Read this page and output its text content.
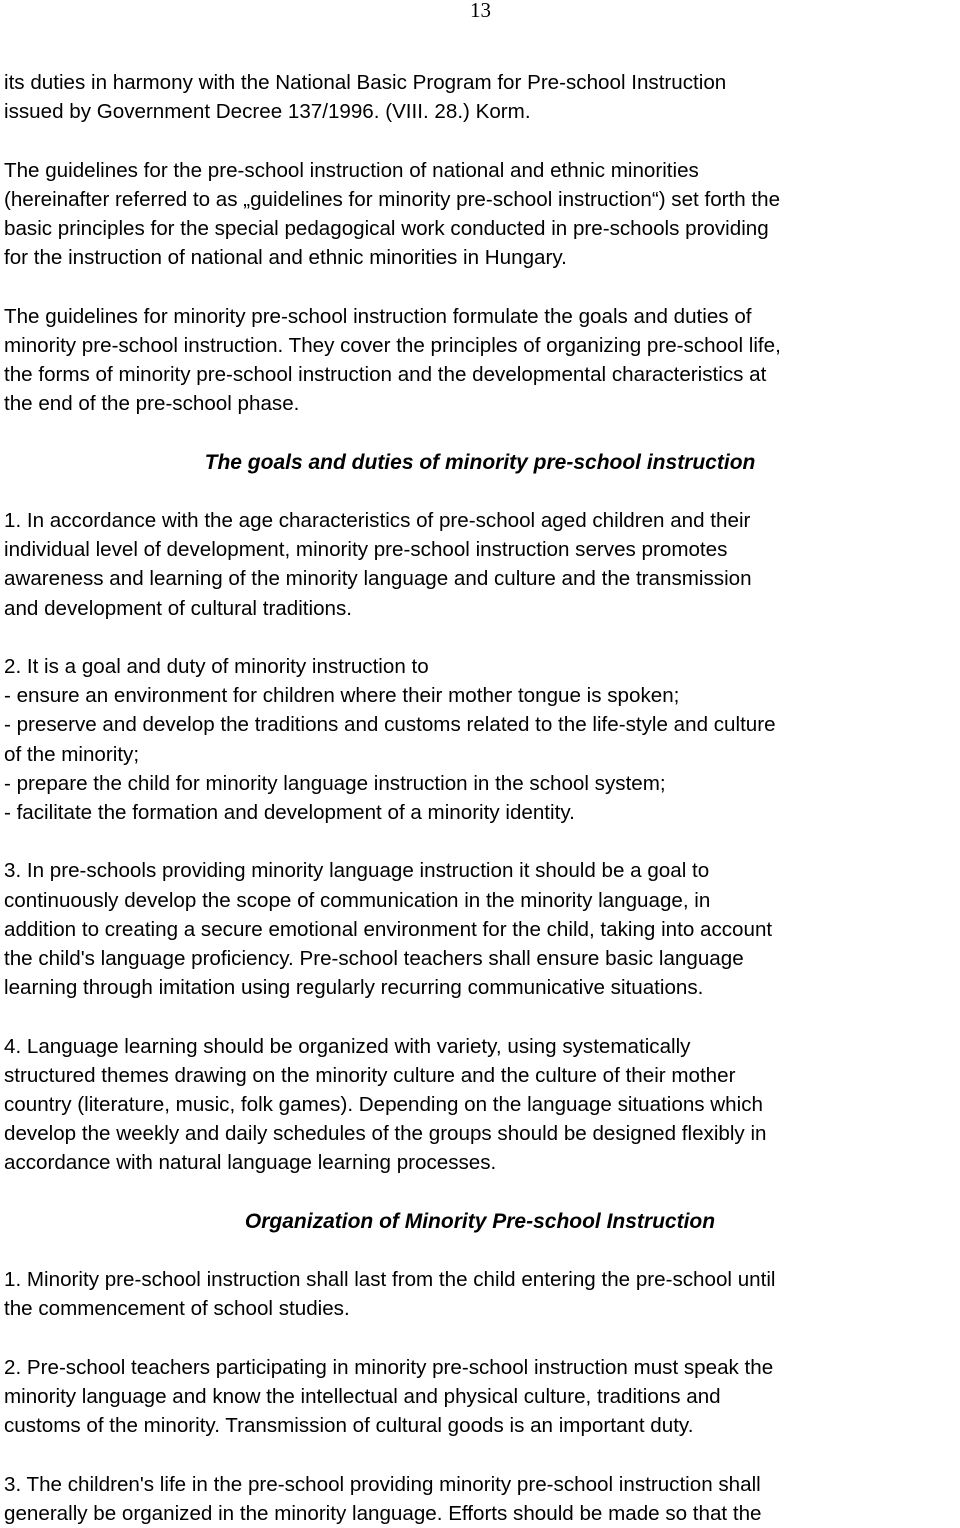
13

its duties in harmony with the National Basic Program for Pre-school Instruction
issued by Government Decree 137/1996. (VIII. 28.) Korm.

The guidelines for the pre-school instruction of national and ethnic minorities
(hereinafter referred to as „guidelines for minority pre-school instruction“) set forth the
basic principles for the special pedagogical work conducted in pre-schools providing
for the instruction of national and ethnic minorities in Hungary.

The guidelines for minority pre-school instruction formulate the goals and duties of
minority pre-school instruction. They cover the principles of organizing pre-school life,
the forms of minority pre-school instruction and the developmental characteristics at
the end of the pre-school phase.

The goals and duties of minority pre-school instruction

1. In accordance with the age characteristics of pre-school aged children and their
individual level of development, minority pre-school instruction serves promotes
awareness and learning of the minority language and culture and the transmission
and development of cultural traditions.

2. It is a goal and duty of minority instruction to
- ensure an environment for children where their mother tongue is spoken;
- preserve and develop the traditions and customs related to the life-style and culture
of the minority;
- prepare the child for minority language instruction in the school system;
- facilitate the formation and development of a minority identity.

3. In pre-schools providing minority language instruction it should be a goal to
continuously develop the scope of communication in the minority language, in
addition to creating a secure emotional environment for the child, taking into account
the child's language proficiency. Pre-school teachers shall ensure basic language
learning through imitation using regularly recurring communicative situations.

4. Language learning should be organized with variety, using systematically
structured themes drawing on the minority culture and the culture of their mother
country (literature, music, folk games). Depending on the language situations which
develop the weekly and daily schedules of the groups should be designed flexibly in
accordance with natural language learning processes.

Organization of Minority Pre-school Instruction

1. Minority pre-school instruction shall last from the child entering the pre-school until
the commencement of school studies.

2. Pre-school teachers participating in minority pre-school instruction must speak the
minority language and know the intellectual and physical culture, traditions and
customs of the minority. Transmission of cultural goods is an important duty.

3. The children's life in the pre-school providing minority pre-school instruction shall
generally be organized in the minority language. Efforts should be made so that the
